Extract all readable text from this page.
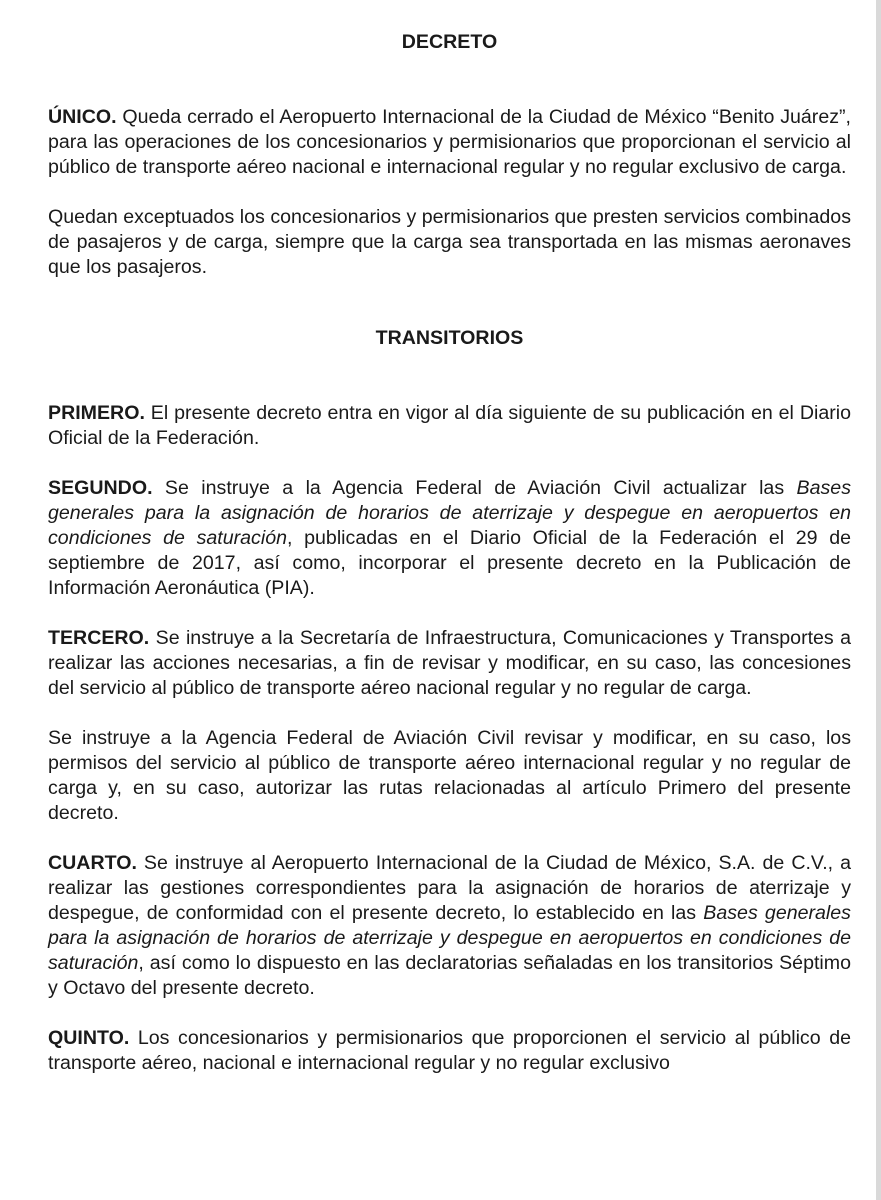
DECRETO

ÚNICO. Queda cerrado el Aeropuerto Internacional de la Ciudad de México “Benito Juárez”, para las operaciones de los concesionarios y permisionarios que proporcionan el servicio al público de transporte aéreo nacional e internacional regular y no regular exclusivo de carga.

Quedan exceptuados los concesionarios y permisionarios que presten servicios combinados de pasajeros y de carga, siempre que la carga sea transportada en las mismas aeronaves que los pasajeros.

TRANSITORIOS

PRIMERO. El presente decreto entra en vigor al día siguiente de su publicación en el Diario Oficial de la Federación.

SEGUNDO. Se instruye a la Agencia Federal de Aviación Civil actualizar las Bases generales para la asignación de horarios de aterrizaje y despegue en aeropuertos en condiciones de saturación, publicadas en el Diario Oficial de la Federación el 29 de septiembre de 2017, así como, incorporar el presente decreto en la Publicación de Información Aeronáutica (PIA).

TERCERO. Se instruye a la Secretaría de Infraestructura, Comunicaciones y Transportes a realizar las acciones necesarias, a fin de revisar y modificar, en su caso, las concesiones del servicio al público de transporte aéreo nacional regular y no regular de carga.

Se instruye a la Agencia Federal de Aviación Civil revisar y modificar, en su caso, los permisos del servicio al público de transporte aéreo internacional regular y no regular de carga y, en su caso, autorizar las rutas relacionadas al artículo Primero del presente decreto.

CUARTO. Se instruye al Aeropuerto Internacional de la Ciudad de México, S.A. de C.V., a realizar las gestiones correspondientes para la asignación de horarios de aterrizaje y despegue, de conformidad con el presente decreto, lo establecido en las Bases generales para la asignación de horarios de aterrizaje y despegue en aeropuertos en condiciones de saturación, así como lo dispuesto en las declaratorias señaladas en los transitorios Séptimo y Octavo del presente decreto.

QUINTO. Los concesionarios y permisionarios que proporcionen el servicio al público de transporte aéreo, nacional e internacional regular y no regular exclusivo
